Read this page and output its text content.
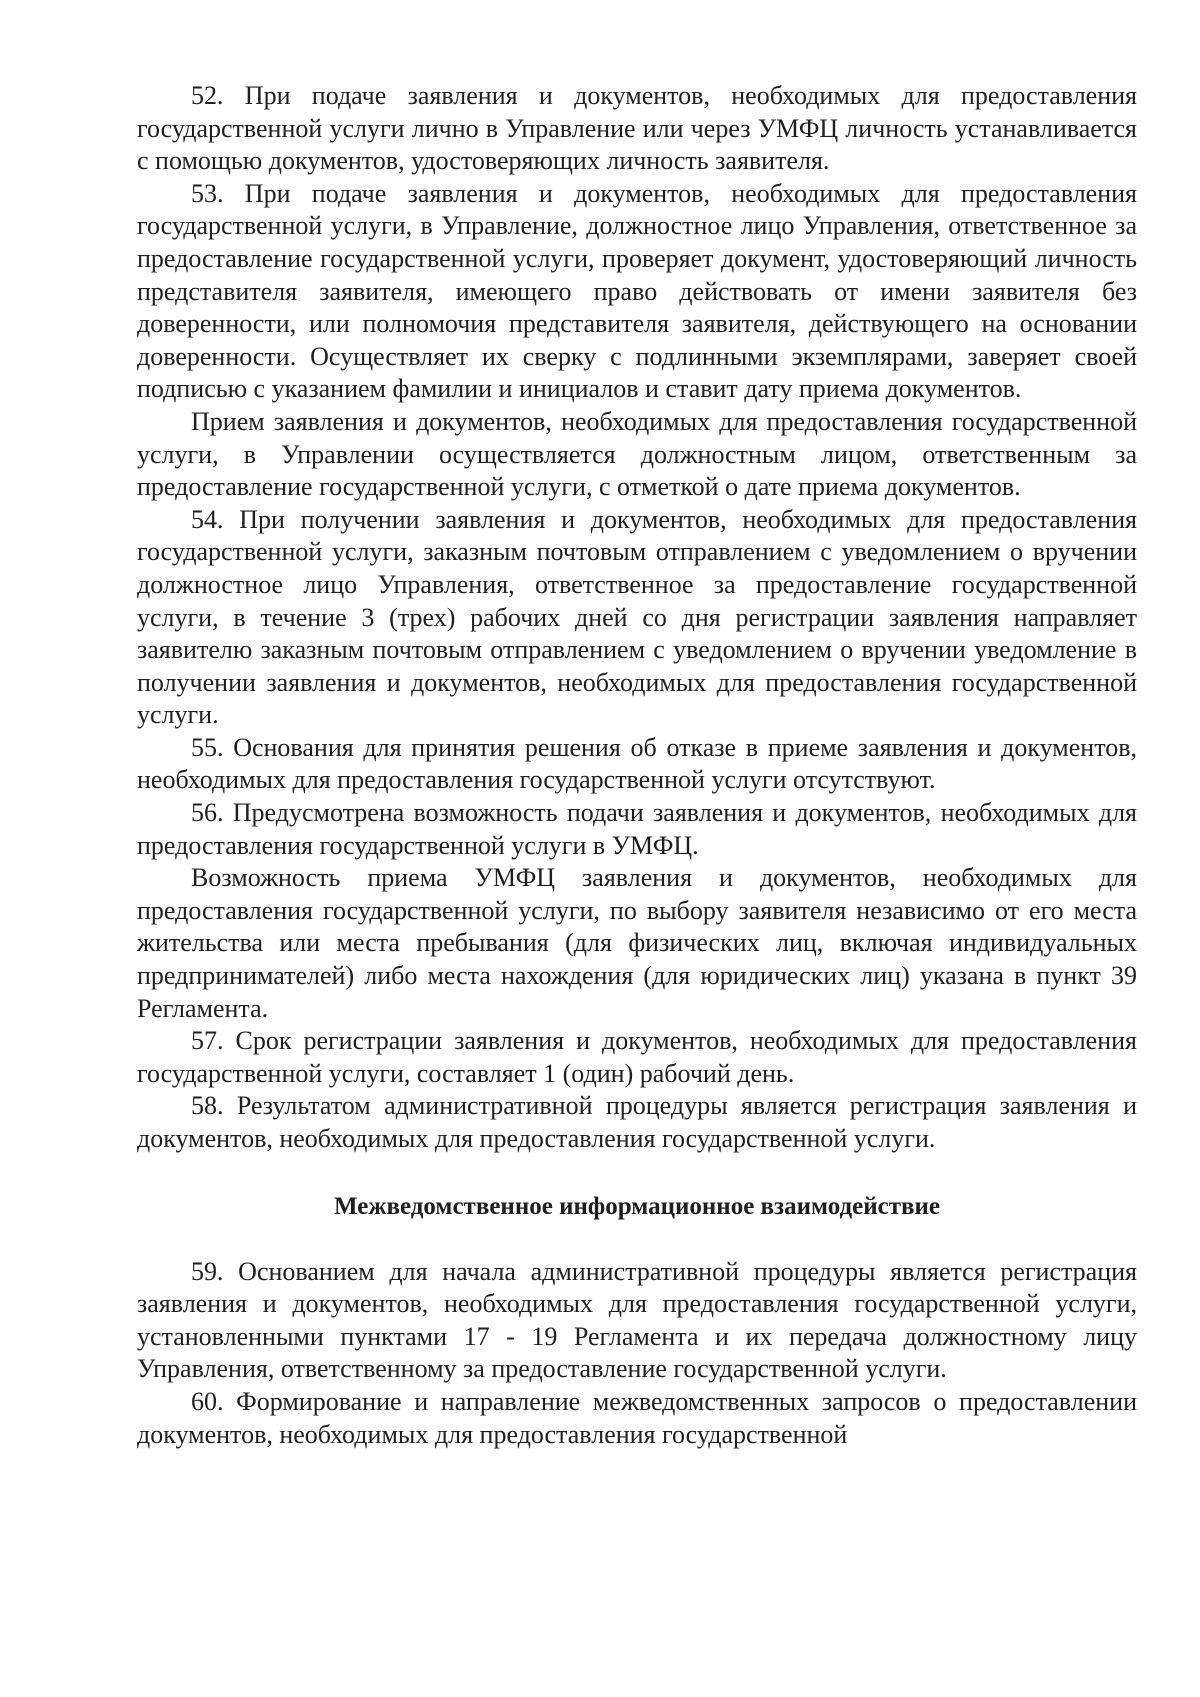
52. При подаче заявления и документов, необходимых для предоставления государственной услуги лично в Управление или через УМФЦ личность устанавливается с помощью документов, удостоверяющих личность заявителя.

53. При подаче заявления и документов, необходимых для предоставления государственной услуги, в Управление, должностное лицо Управления, ответственное за предоставление государственной услуги, проверяет документ, удостоверяющий личность представителя заявителя, имеющего право действовать от имени заявителя без доверенности, или полномочия представителя заявителя, действующего на основании доверенности. Осуществляет их сверку с подлинными экземплярами, заверяет своей подписью с указанием фамилии и инициалов и ставит дату приема документов.

Прием заявления и документов, необходимых для предоставления государственной услуги, в Управлении осуществляется должностным лицом, ответственным за предоставление государственной услуги, с отметкой о дате приема документов.

54. При получении заявления и документов, необходимых для предоставления государственной услуги, заказным почтовым отправлением с уведомлением о вручении должностное лицо Управления, ответственное за предоставление государственной услуги, в течение 3 (трех) рабочих дней со дня регистрации заявления направляет заявителю заказным почтовым отправлением с уведомлением о вручении уведомление в получении заявления и документов, необходимых для предоставления государственной услуги.

55. Основания для принятия решения об отказе в приеме заявления и документов, необходимых для предоставления государственной услуги отсутствуют.

56. Предусмотрена возможность подачи заявления и документов, необходимых для предоставления государственной услуги в УМФЦ.

Возможность приема УМФЦ заявления и документов, необходимых для предоставления государственной услуги, по выбору заявителя независимо от его места жительства или места пребывания (для физических лиц, включая индивидуальных предпринимателей) либо места нахождения (для юридических лиц) указана в пункт 39 Регламента.

57. Срок регистрации заявления и документов, необходимых для предоставления государственной услуги, составляет 1 (один) рабочий день.

58. Результатом административной процедуры является регистрация заявления и документов, необходимых для предоставления государственной услуги.

Межведомственное информационное взаимодействие

59. Основанием для начала административной процедуры является регистрация заявления и документов, необходимых для предоставления государственной услуги, установленными пунктами 17 - 19 Регламента и их передача должностному лицу Управления, ответственному за предоставление государственной услуги.

60. Формирование и направление межведомственных запросов о предоставлении документов, необходимых для предоставления государственной
